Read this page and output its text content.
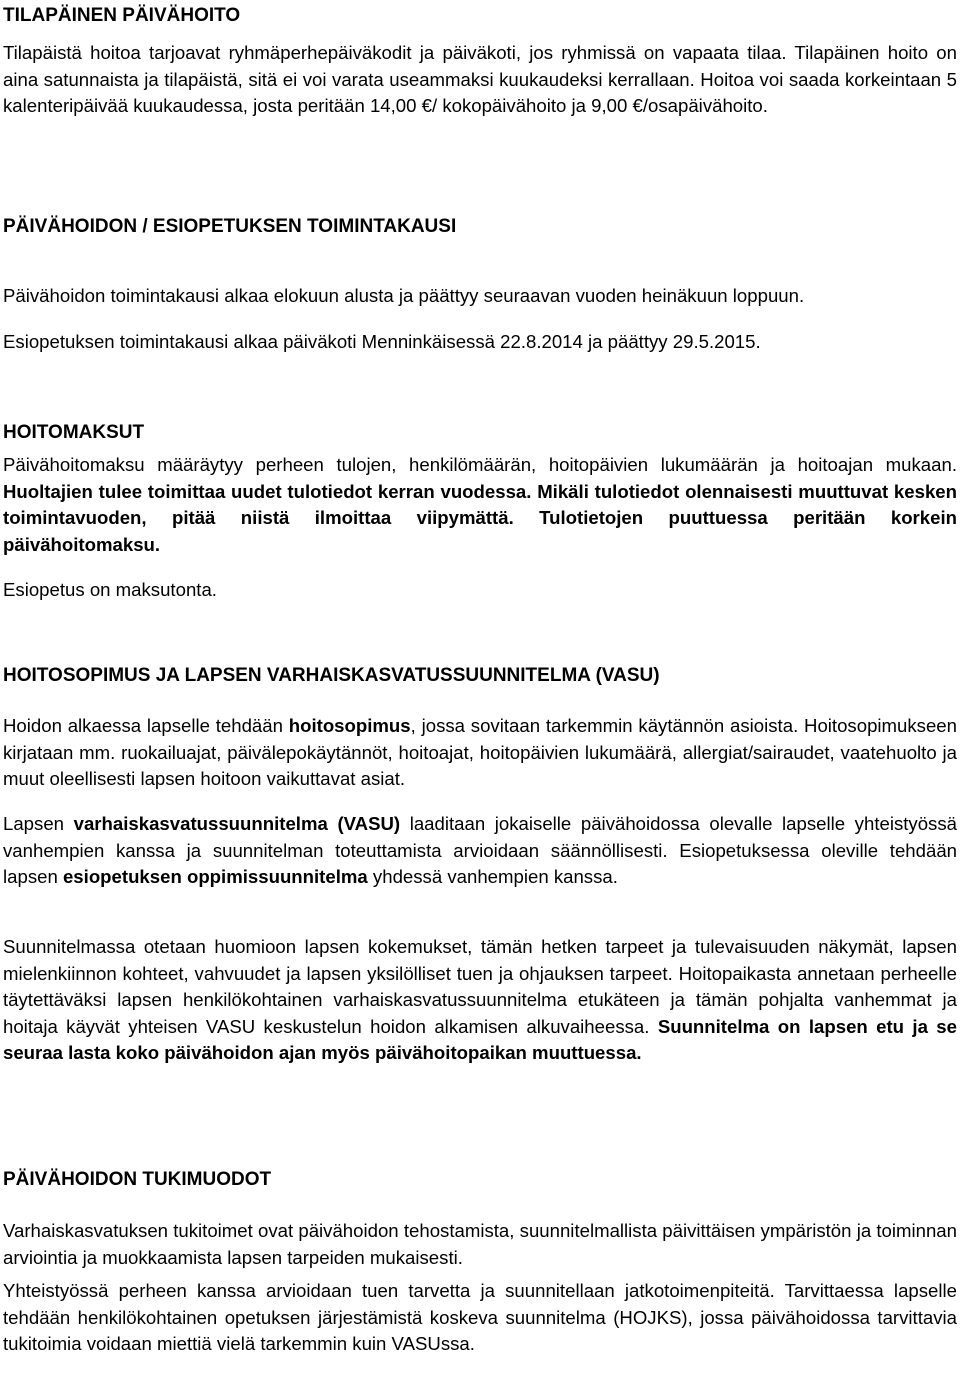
TILAPÄINEN PÄIVÄHOITO

Tilapäistä hoitoa tarjoavat ryhmäperhepäiväkodit ja päiväkoti, jos ryhmissä on vapaata tilaa. Tilapäinen hoito on aina satunnaista ja tilapäistä, sitä ei voi varata useammaksi kuukaudeksi kerrallaan. Hoitoa voi saada korkeintaan 5 kalenteripäivää kuukaudessa, josta peritään 14,00 €/ kokopäivähoito ja 9,00 €/osapäivähoito.

PÄIVÄHOIDON / ESIOPETUKSEN TOIMINTAKAUSI

Päivähoidon toimintakausi alkaa elokuun alusta ja päättyy seuraavan vuoden heinäkuun loppuun.

Esiopetuksen toimintakausi alkaa päiväkoti Menninkäisessä 22.8.2014 ja päättyy 29.5.2015.

HOITOMAKSUT

Päivähoitomaksu määräytyy perheen tulojen, henkilömäärän, hoitopäivien lukumäärän ja hoitoajan mukaan. Huoltajien tulee toimittaa uudet tulotiedot kerran vuodessa. Mikäli tulotiedot olennaisesti muuttuvat kesken toimintavuoden, pitää niistä ilmoittaa viipymättä. Tulotietojen puuttuessa peritään korkein päivähoitomaksu.

Esiopetus on maksutonta.

HOITOSOPIMUS JA LAPSEN VARHAISKASVATUSSUUNNITELMA (VASU)

Hoidon alkaessa lapselle tehdään hoitosopimus, jossa sovitaan tarkemmin käytännön asioista. Hoitosopimukseen kirjataan mm. ruokailuajat, päivälepokäytännöt, hoitoajat, hoitopäivien lukumäärä, allergiat/sairaudet, vaatehuolto ja muut oleellisesti lapsen hoitoon vaikuttavat asiat.

Lapsen varhaiskasvatussuunnitelma (VASU) laaditaan jokaiselle päivähoidossa olevalle lapselle yhteistyössä vanhempien kanssa ja suunnitelman toteuttamista arvioidaan säännöllisesti. Esiopetuksessa oleville tehdään lapsen esiopetuksen oppimissuunnitelma yhdessä vanhempien kanssa.

Suunnitelmassa otetaan huomioon lapsen kokemukset, tämän hetken tarpeet ja tulevaisuuden näkymät, lapsen mielenkiinnon kohteet, vahvuudet ja lapsen yksilölliset tuen ja ohjauksen tarpeet. Hoitopaikasta annetaan perheelle täytettäväksi lapsen henkilökohtainen varhaiskasvatussuunnitelma etukäteen ja tämän pohjalta vanhemmat ja hoitaja käyvät yhteisen VASU keskustelun hoidon alkamisen alkuvaiheessa. Suunnitelma on lapsen etu ja se seuraa lasta koko päivähoidon ajan myös päivähoitopaikan muuttuessa.

PÄIVÄHOIDON TUKIMUODOT

Varhaiskasvatuksen tukitoimet ovat päivähoidon tehostamista, suunnitelmallista päivittäisen ympäristön ja toiminnan arviointia ja muokkaamista lapsen tarpeiden mukaisesti.

Yhteistyössä perheen kanssa arvioidaan tuen tarvetta ja suunnitellaan jatkotoimenpiteitä. Tarvittaessa lapselle tehdään henkilökohtainen opetuksen järjestämistä koskeva suunnitelma (HOJKS), jossa päivähoidossa tarvittavia tukitoimia voidaan miettiä vielä tarkemmin kuin VASUssa.
